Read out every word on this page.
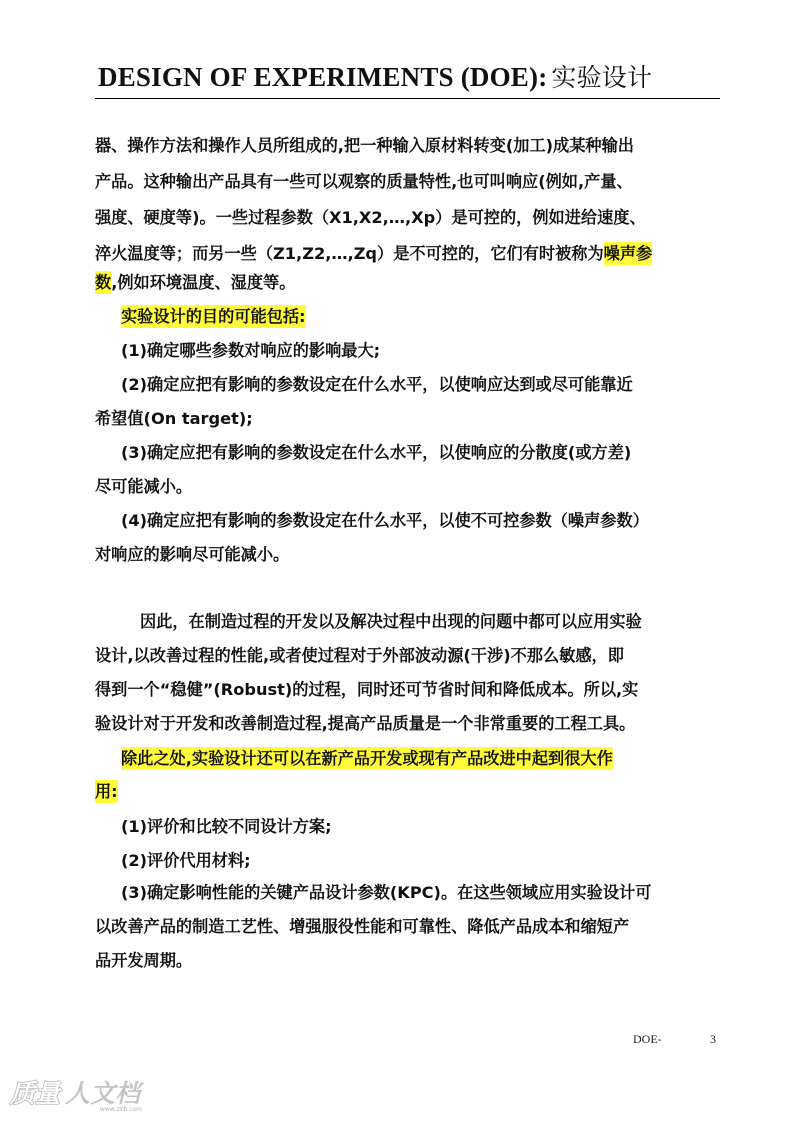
DESIGN OF EXPERIMENTS (DOE): 实验设计
器、操作方法和操作人员所组成的,把一种输入原材料转变(加工)成某种输出
产品。这种输出产品具有一些可以观察的质量特性,也可叫响应(例如,产量、
强度、硬度等)。一些过程参数（X1,X2,…,Xp）是可控的，例如进给速度、
淬火温度等；而另一些（Z1,Z2,…,Zq）是不可控的，它们有时被称为噪声参
数,例如环境温度、湿度等。
实验设计的目的可能包括:
(1)确定哪些参数对响应的影响最大;
(2)确定应把有影响的参数设定在什么水平，以使响应达到或尽可能靠近
希望值(On target);
(3)确定应把有影响的参数设定在什么水平，以使响应的分散度(或方差)
尽可能减小。
(4)确定应把有影响的参数设定在什么水平，以使不可控参数（噪声参数）
对响应的影响尽可能减小。
因此，在制造过程的开发以及解决过程中出现的问题中都可以应用实验
设计,以改善过程的性能,或者使过程对于外部波动源(干涉)不那么敏感，即
得到一个“稳健”(Robust)的过程，同时还可节省时间和降低成本。所以,实
验设计对于开发和改善制造过程,提高产品质量是一个非常重要的工程工具。
除此之处,实验设计还可以在新产品开发或现有产品改进中起到很大作
用:
(1)评价和比较不同设计方案;
(2)评价代用材料;
(3)确定影响性能的关键产品设计参数(KPC)。在这些领域应用实验设计可
以改善产品的制造工艺性、增强服役性能和可靠性、降低产品成本和缩短产
品开发周期。
DOE-	3
质量 人文档
www.zlrb.com
